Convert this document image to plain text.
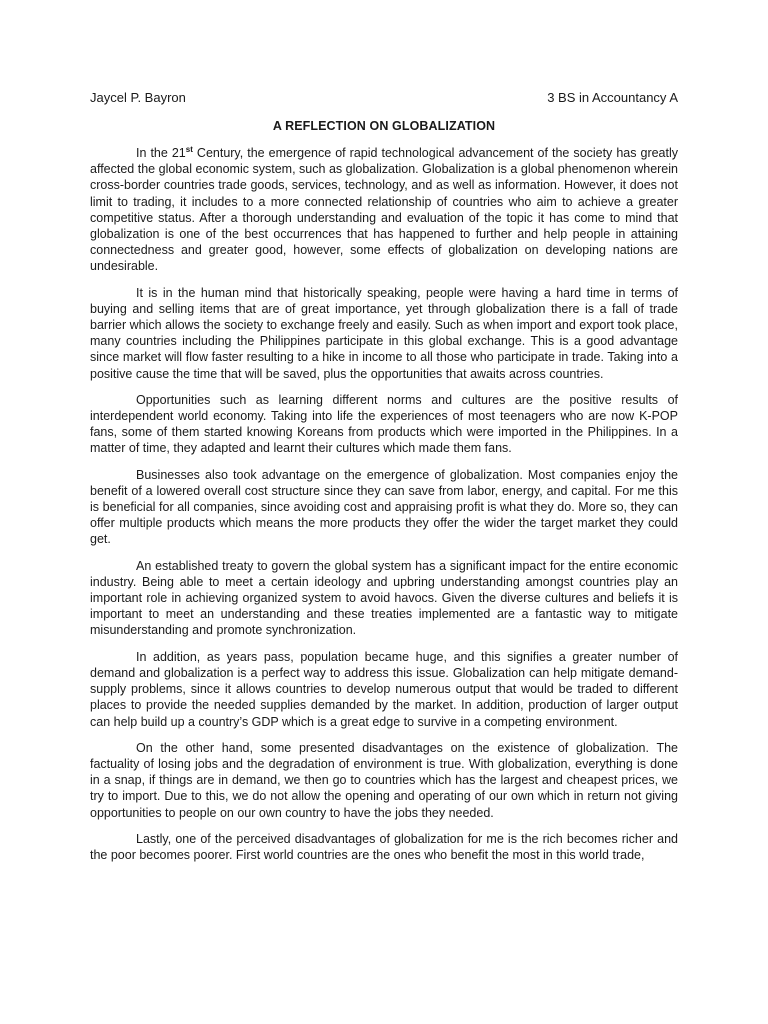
Jaycel P. Bayron	3 BS in Accountancy A
A REFLECTION ON GLOBALIZATION

In the 21st Century, the emergence of rapid technological advancement of the society has greatly affected the global economic system, such as globalization. Globalization is a global phenomenon wherein cross-border countries trade goods, services, technology, and as well as information. However, it does not limit to trading, it includes to a more connected relationship of countries who aim to achieve a greater competitive status. After a thorough understanding and evaluation of the topic it has come to mind that globalization is one of the best occurrences that has happened to further and help people in attaining connectedness and greater good, however, some effects of globalization on developing nations are undesirable.

It is in the human mind that historically speaking, people were having a hard time in terms of buying and selling items that are of great importance, yet through globalization there is a fall of trade barrier which allows the society to exchange freely and easily. Such as when import and export took place, many countries including the Philippines participate in this global exchange. This is a good advantage since market will flow faster resulting to a hike in income to all those who participate in trade. Taking into a positive cause the time that will be saved, plus the opportunities that awaits across countries.

Opportunities such as learning different norms and cultures are the positive results of interdependent world economy. Taking into life the experiences of most teenagers who are now K-POP fans, some of them started knowing Koreans from products which were imported in the Philippines. In a matter of time, they adapted and learnt their cultures which made them fans.

Businesses also took advantage on the emergence of globalization. Most companies enjoy the benefit of a lowered overall cost structure since they can save from labor, energy, and capital. For me this is beneficial for all companies, since avoiding cost and appraising profit is what they do. More so, they can offer multiple products which means the more products they offer the wider the target market they could get.

An established treaty to govern the global system has a significant impact for the entire economic industry. Being able to meet a certain ideology and upbring understanding amongst countries play an important role in achieving organized system to avoid havocs. Given the diverse cultures and beliefs it is important to meet an understanding and these treaties implemented are a fantastic way to mitigate misunderstanding and promote synchronization.

In addition, as years pass, population became huge, and this signifies a greater number of demand and globalization is a perfect way to address this issue. Globalization can help mitigate demand-supply problems, since it allows countries to develop numerous output that would be traded to different places to provide the needed supplies demanded by the market. In addition, production of larger output can help build up a country’s GDP which is a great edge to survive in a competing environment.

On the other hand, some presented disadvantages on the existence of globalization. The factuality of losing jobs and the degradation of environment is true. With globalization, everything is done in a snap, if things are in demand, we then go to countries which has the largest and cheapest prices, we try to import. Due to this, we do not allow the opening and operating of our own which in return not giving opportunities to people on our own country to have the jobs they needed.

Lastly, one of the perceived disadvantages of globalization for me is the rich becomes richer and the poor becomes poorer. First world countries are the ones who benefit the most in this world trade,
